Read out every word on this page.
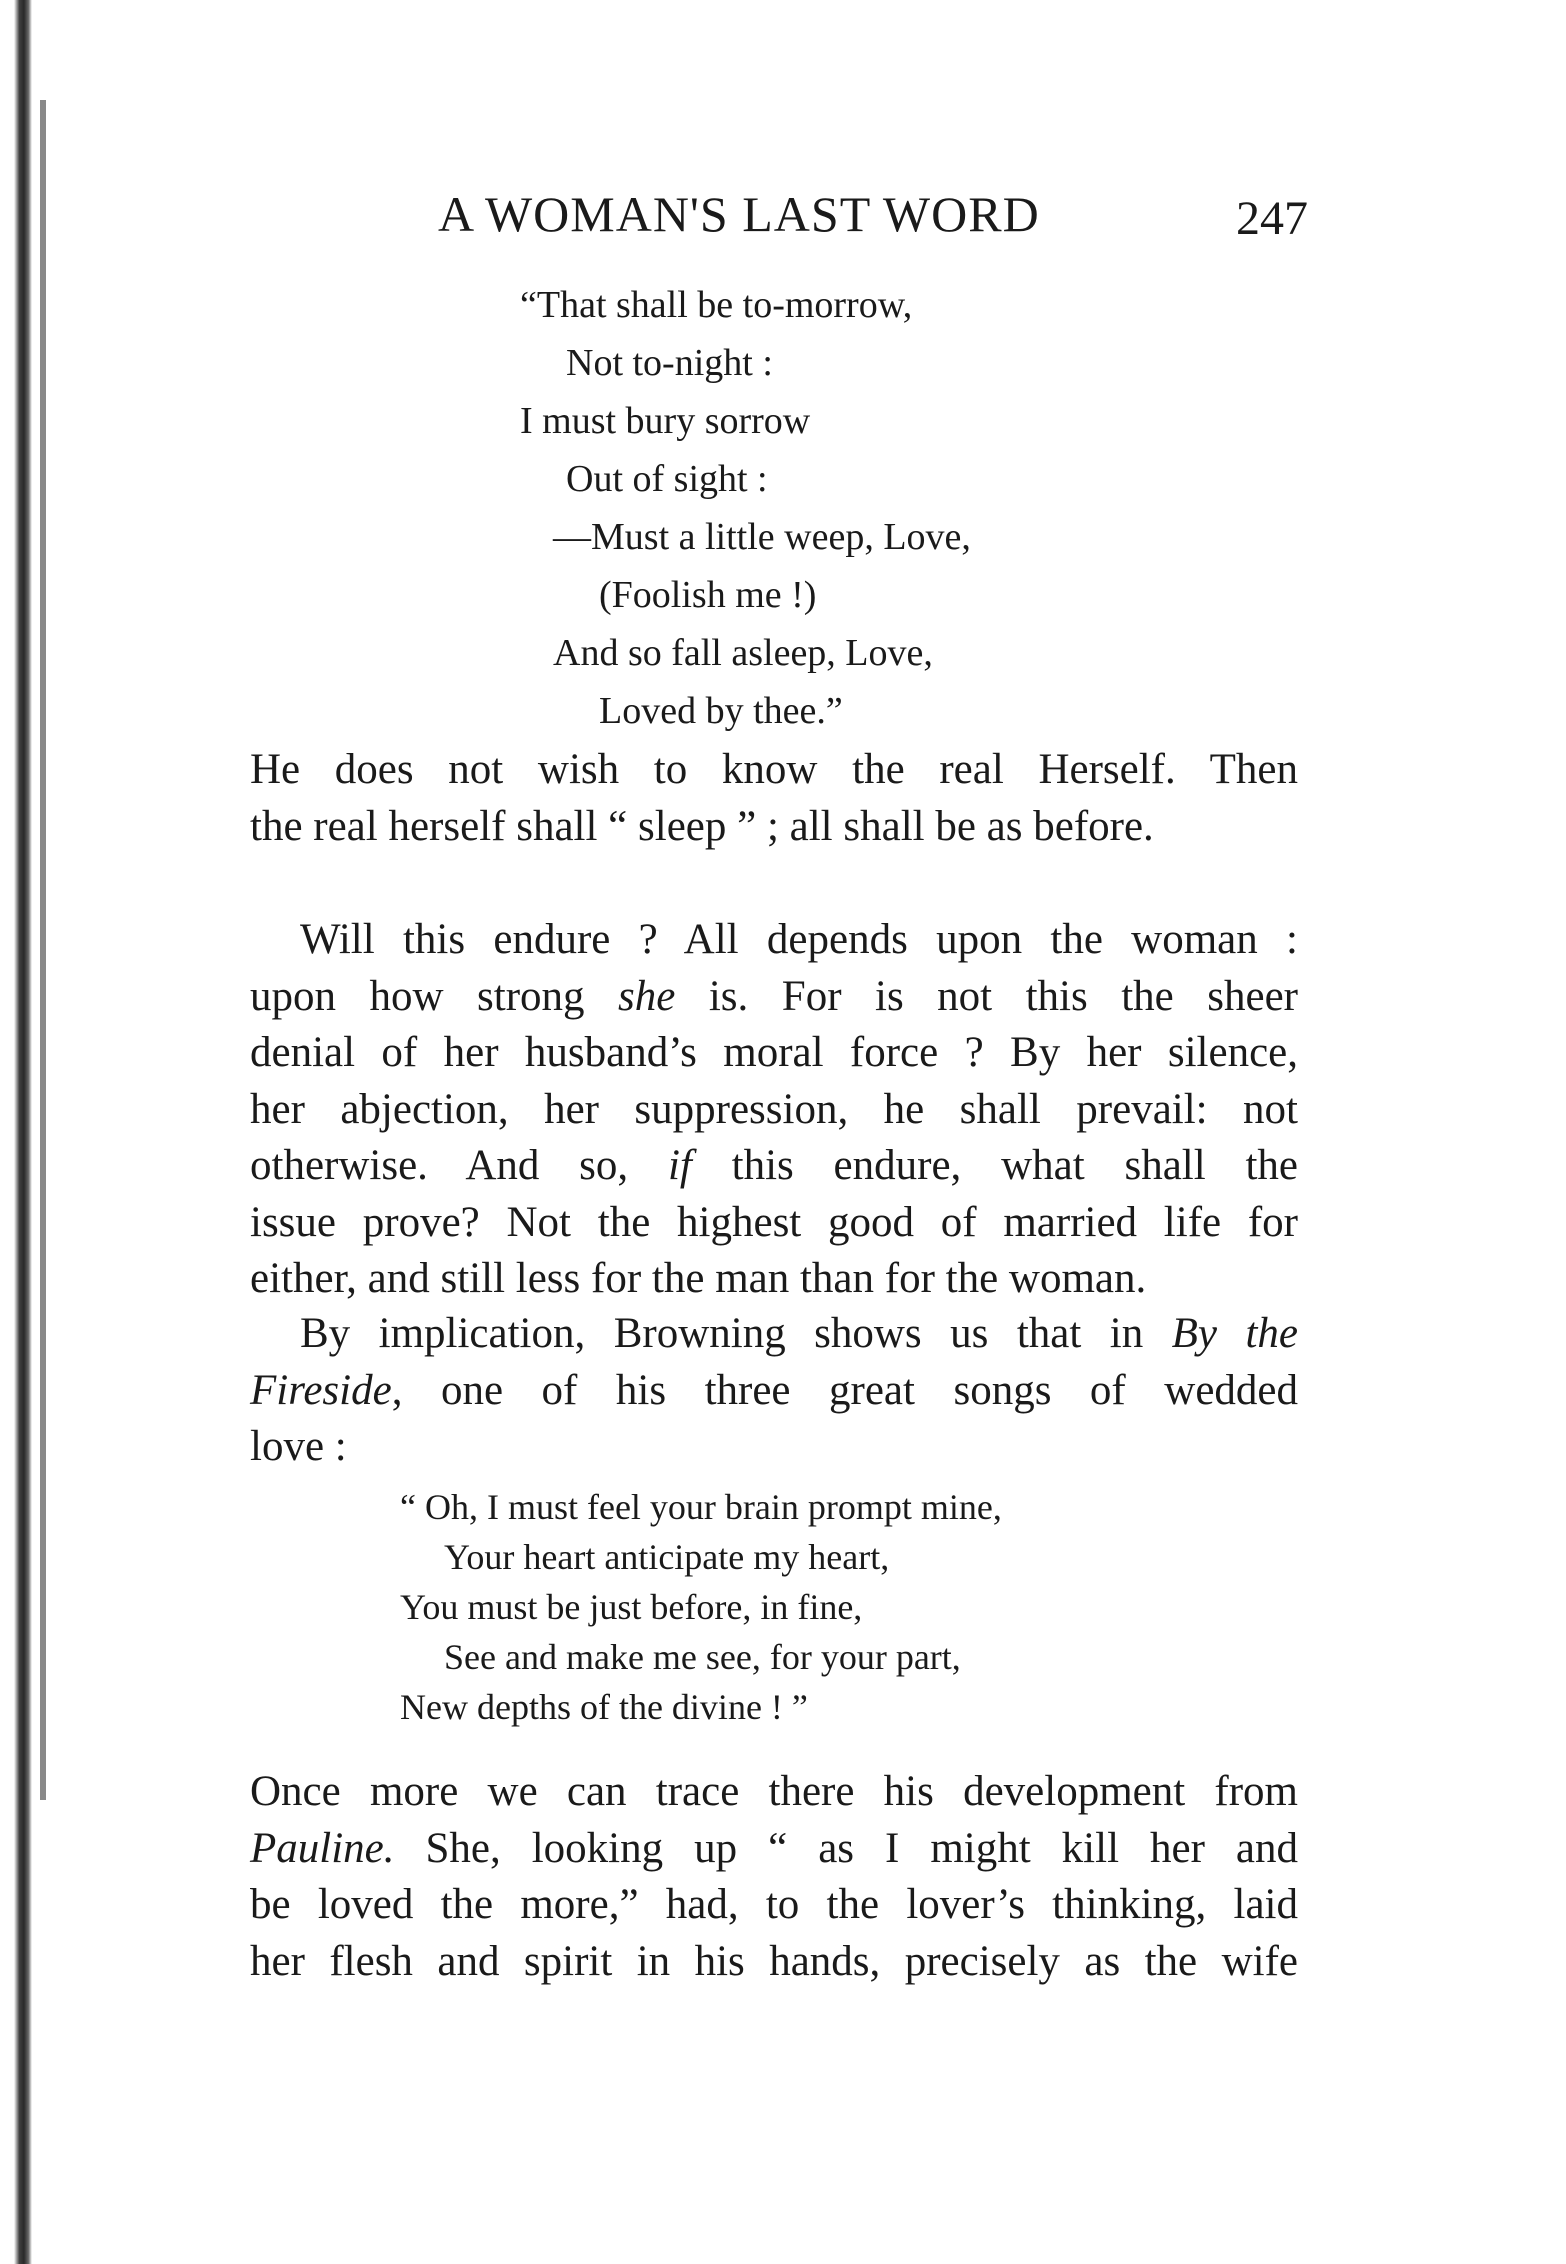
A WOMAN'S LAST WORD	247
“That shall be to-morrow,
Not to-night :
I must bury sorrow
Out of sight :
—Must a little weep, Love,
(Foolish me !)
And so fall asleep, Love,
Loved by thee.”
He does not wish to know the real Herself. Then
the real herself shall “ sleep ” ; all shall be as before.
Will this endure ? All depends upon the woman :
upon how strong she is. For is not this the sheer
denial of her husband’s moral force ? By her silence,
her abjection, her suppression, he shall prevail: not
otherwise. And so, if this endure, what shall the
issue prove? Not the highest good of married life for
either, and still less for the man than for the woman.
By implication, Browning shows us that in By the
Fireside, one of his three great songs of wedded
love :
“ Oh, I must feel your brain prompt mine,
Your heart anticipate my heart,
You must be just before, in fine,
See and make me see, for your part,
New depths of the divine ! ”
Once more we can trace there his development from
Pauline. She, looking up “ as I might kill her and
be loved the more,” had, to the lover’s thinking, laid
her flesh and spirit in his hands, precisely as the wife
